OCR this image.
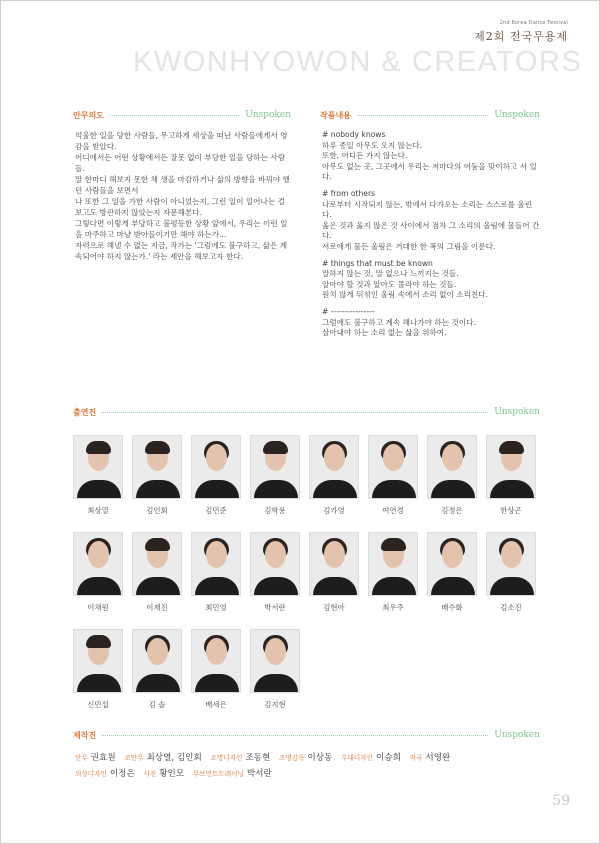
2nd Korea Dance Festival
제2회 전국무용제
KWONHYOWON & CREATORS
안무의도	Unspoken

억울한 일을 당한 사람들, 무고하게 세상을 떠난 사람들에게서 영감을 받았다.

어디에서든 어떤 상황에서든 잘못 없이 부당한 일을 당하는 사람들.

말 한마디 해보지 못한 채 생을 마감하거나 삶의 방향을 바꿔야 했던 사람들을 보면서

나 또한 그 일을 가한 사람이 아니었는지, 그런 일이 일어나는 걸 보고도 방관하지 않았는지 자문해본다.

그렇다면 이렇게 부당하고 불평등한 상황 앞에서, 우리는 이런 일을 마주하고 마냥 받아들이기만 해야 하는가...

자력으로 해낼 수 없는 지금, 작가는 '그럼에도 불구하고, 삶은 계속되어야 하지 않는가.' 라는 제안을 해보고자 한다.

작품내용	Unspoken
# nobody knows
하루 종일 아무도 오지 않는다.
또한, 어디든 가지 않는다.
아무도 없는 곳, 그곳에서 우리는 저마다의 어둠을 맞이하고 서 있다.
# from others
나로부터 시작되지 않는, 밖에서 다가오는 소리는 스스로를 울린다.
옳은 것과 옳지 않은 것 사이에서 점차 그 소리의 울림에 물들어 간다.
서로에게 물든 울림은 거대한 한 폭의 그림을 이룬다.
# things that must be known
말하지 않는 것, 말 없으나 느끼지는 것들.
알아야 할 것과 알아도 몰라야 하는 것들.
원치 않게 뒤섞인 울림 속에서 소리 없이 소리친다.
# ----------------
그럼에도 불구하고 계속 해나가야 하는 것이다.
살아내야 하는 소리 없는 삶을 위하여.
출연진	Unspoken
최상열	김인회	김민준	김학용	김가영	여연경	김정은	한상곤
이채원	이재진	최민영	박서란	김현아	최우주	배수화	김소진
신민섭	김 솔	배세은	김지현
제작진	Unspoken
안무 권효원 조안무 최상열, 김인회 조명디자인 조동현 조명감독 이상동 무대디자인 이승희 작곡 서영완
의상디자인 이정은 사진 황인모 무브먼트트레이닝 박서란
59
